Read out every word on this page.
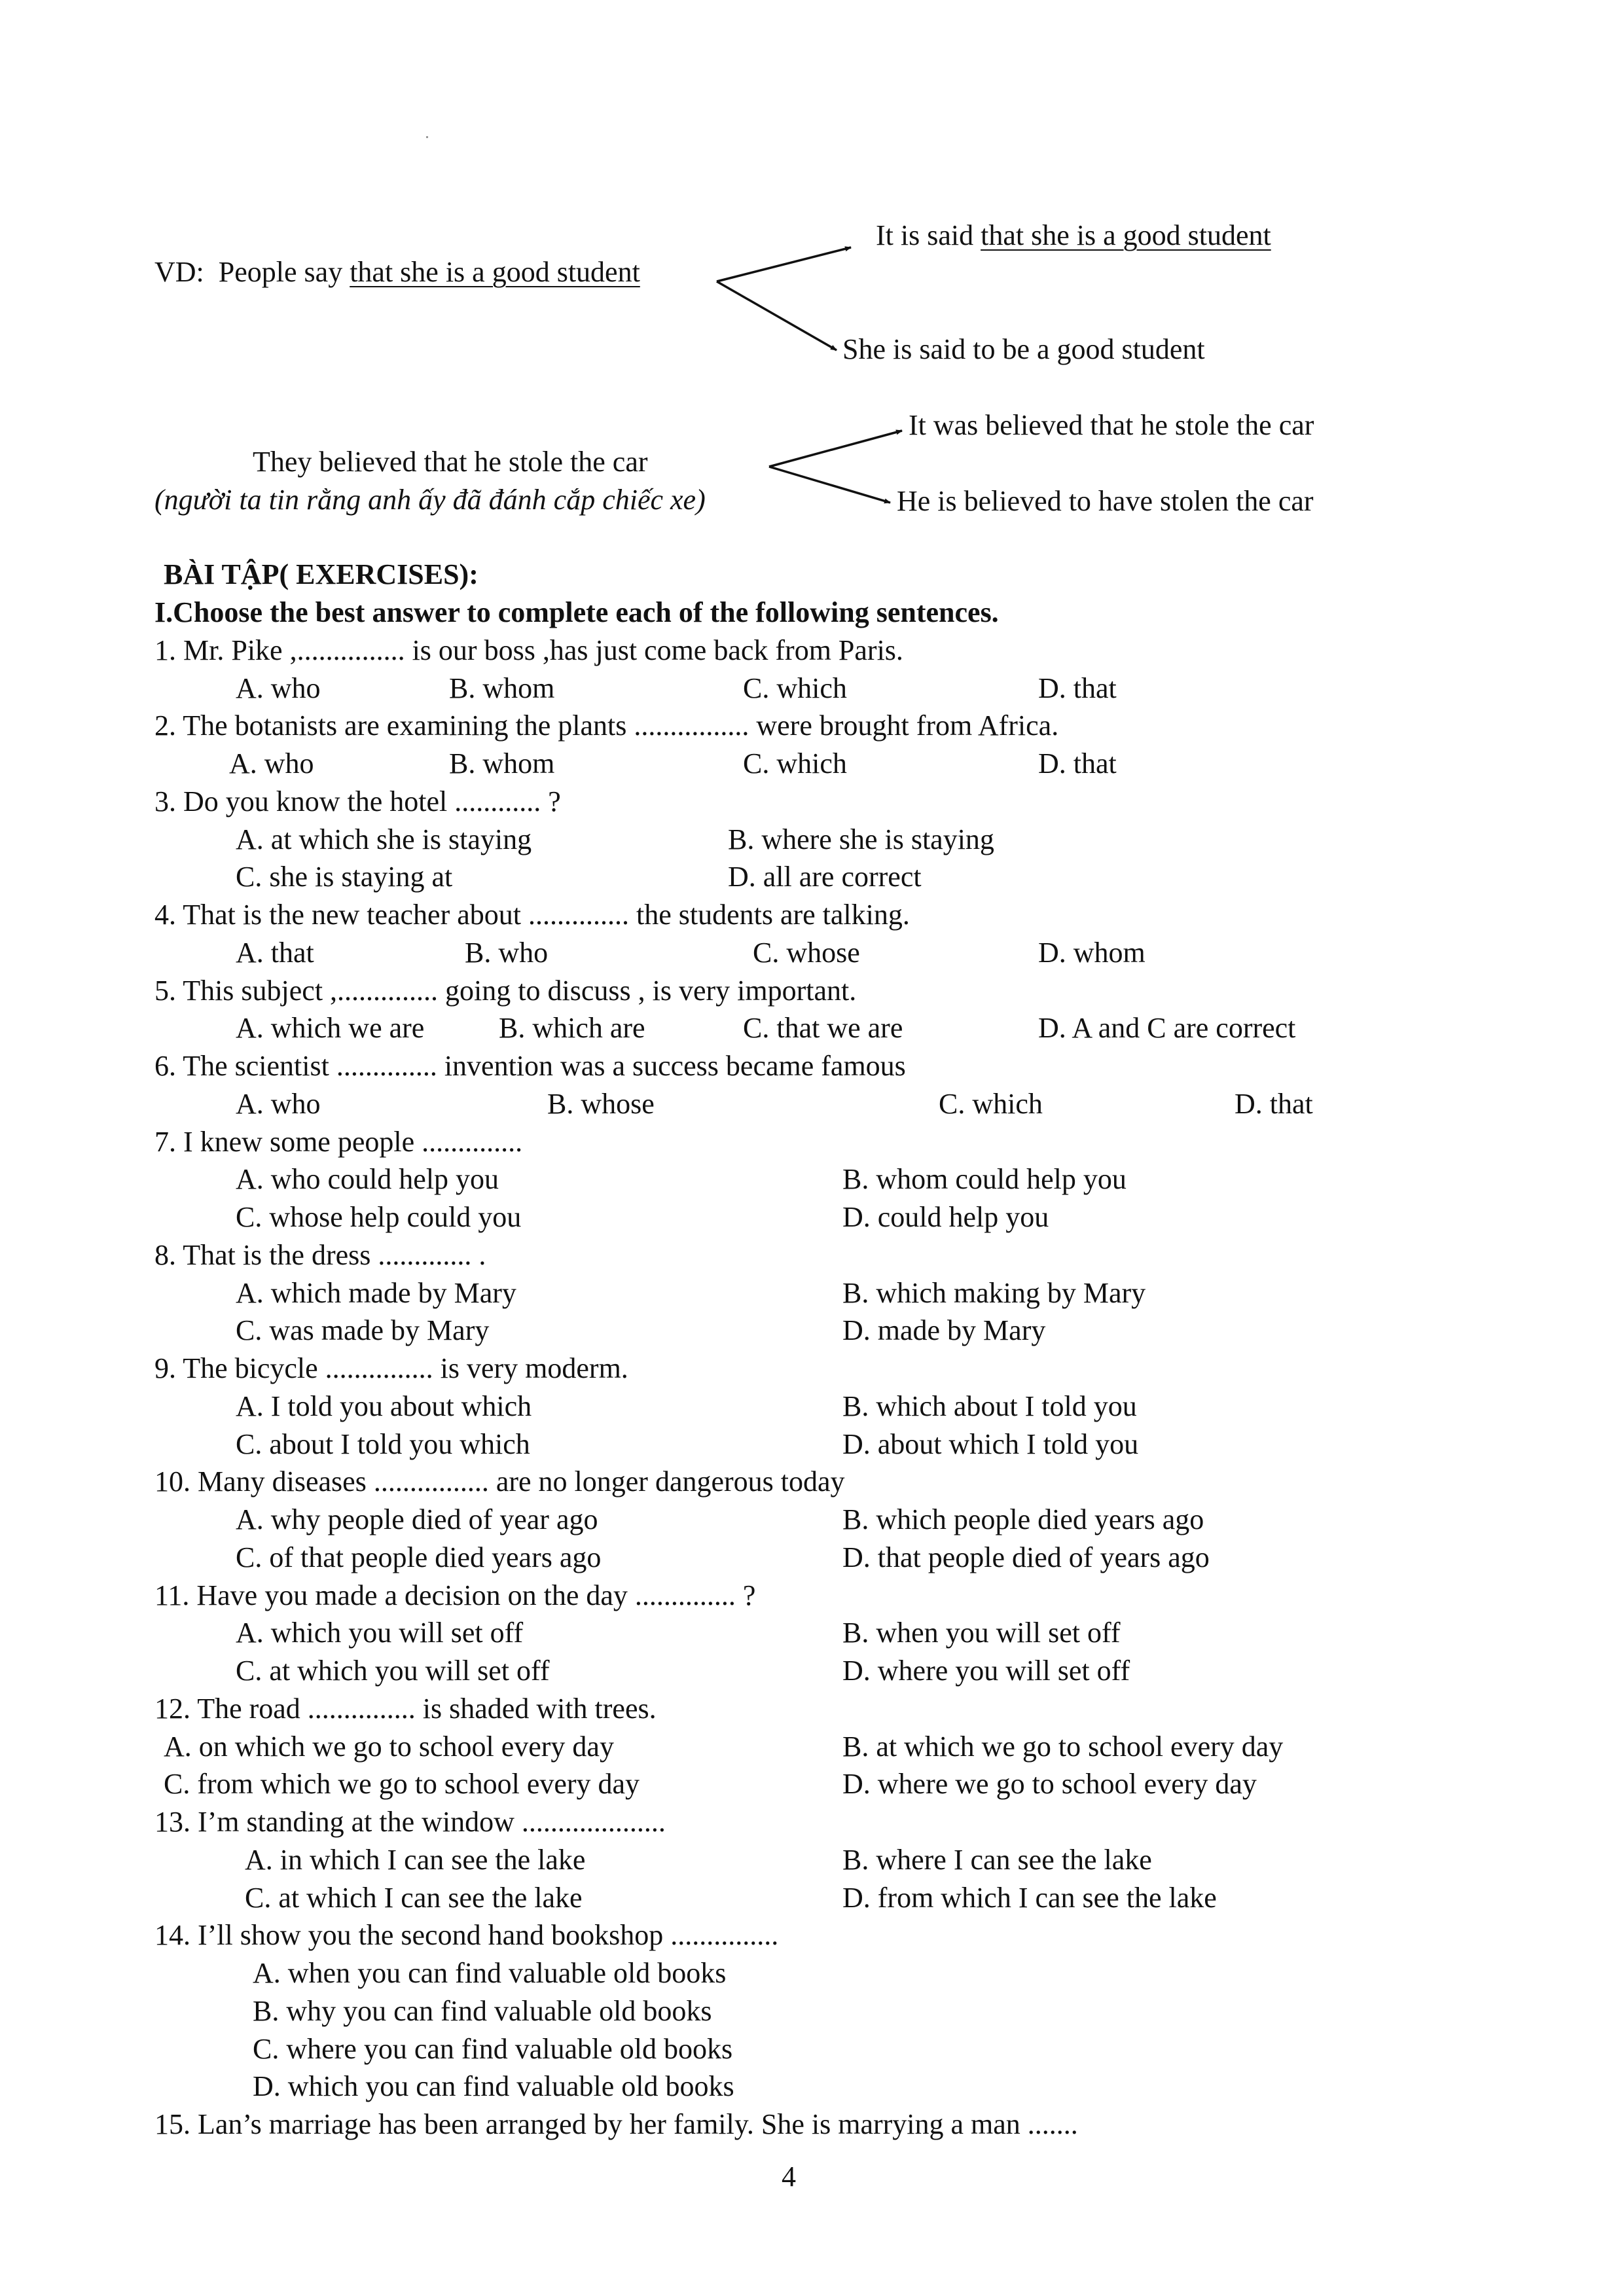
VD: People say that she is a good student
It is said that she is a good student
She is said to be a good student
They believed that he stole the car
(người ta tin rằng anh ấy đã đánh cắp chiếc xe)
It was believed that he stole the car
He is believed to have stolen the car
BÀI TẬP( EXERCISES):
I.Choose the best answer to complete each of the following sentences.
1. Mr. Pike ,............... is our boss ,has just come back from Paris.
A. who	B. whom	C. which	D. that
2. The botanists are examining the plants ................ were brought from Africa.
A. who	B. whom	C. which	D. that
3. Do you know the hotel ............ ?
A. at which she is staying	B. where she is staying
C. she is staying at	D. all are correct
4. That is the new teacher about .............. the students are talking.
A. that	B. who	C. whose	D. whom
5. This subject ,.............. going to discuss , is very important.
A. which we are	B. which are	C. that we are	D. A and C are correct
6. The scientist .............. invention was a success became famous
A. who	B. whose	C. which	D. that
7. I knew some people ..............
A. who could help you	B. whom could help you
C. whose help could you	D. could help you
8. That is the dress ............. .
A. which made by Mary	B. which making by Mary
C. was made by Mary	D. made by Mary
9. The bicycle ............... is very moderm.
A. I told you about which	B. which about I told you
C. about I told you which	D. about which I told you
10. Many diseases ................ are no longer dangerous today
A. why people died of year ago	B. which people died years ago
C. of that people died years ago	D. that people died of years ago
11. Have you made a decision on the day .............. ?
A. which you will set off	B. when you will set off
C. at which you will set off	D. where you will set off
12. The road ............... is shaded with trees.
A. on which we go to school every day	B. at which we go to school every day
C. from which we go to school every day	D. where we go to school every day
13. I’m standing at the window ....................
A. in which I can see the lake	B. where I can see the lake
C. at which I can see the lake	D. from which I can see the lake
14. I’ll show you the second hand bookshop ...............
A. when you can find valuable old books
B. why you can find valuable old books
C. where you can find valuable old books
D. which you can find valuable old books
15. Lan’s marriage has been arranged by her family. She is marrying a man .......
4
